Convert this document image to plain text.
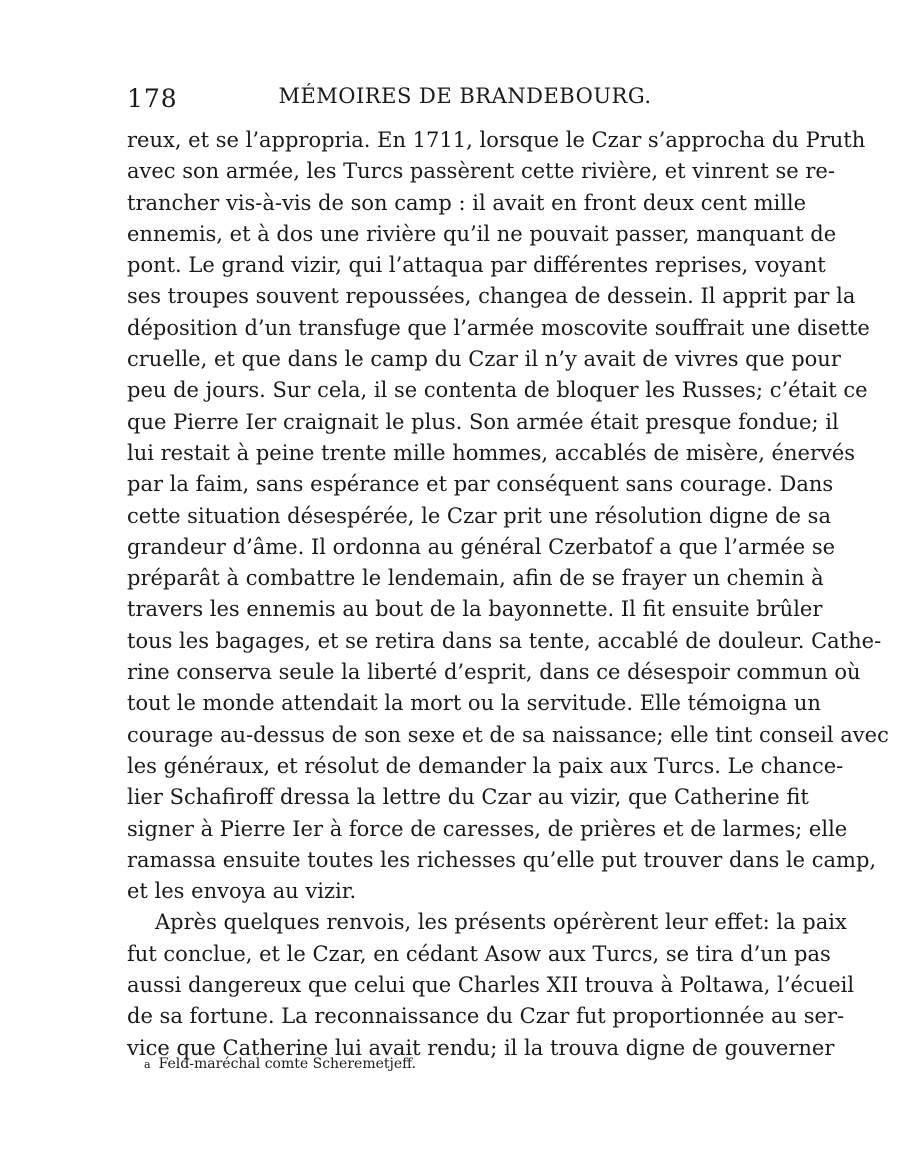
178	MÉMOIRES DE BRANDEBOURG.
reux, et se l’appropria. En 1711, lorsque le Czar s’approcha du Pruth
avec son armée, les Turcs passèrent cette rivière, et vinrent se re-
trancher vis-à-vis de son camp : il avait en front deux cent mille
ennemis, et à dos une rivière qu’il ne pouvait passer, manquant de
pont. Le grand vizir, qui l’attaqua par différentes reprises, voyant
ses troupes souvent repoussées, changea de dessein. Il apprit par la
déposition d’un transfuge que l’armée moscovite souffrait une disette
cruelle, et que dans le camp du Czar il n’y avait de vivres que pour
peu de jours. Sur cela, il se contenta de bloquer les Russes; c’était ce
que Pierre Ier craignait le plus. Son armée était presque fondue; il
lui restait à peine trente mille hommes, accablés de misère, énervés
par la faim, sans espérance et par conséquent sans courage. Dans
cette situation désespérée, le Czar prit une résolution digne de sa
grandeur d’âme. Il ordonna au général Czerbatof a que l’armée se
préparât à combattre le lendemain, afin de se frayer un chemin à
travers les ennemis au bout de la bayonnette. Il fit ensuite brûler
tous les bagages, et se retira dans sa tente, accablé de douleur. Cathe-
rine conserva seule la liberté d’esprit, dans ce désespoir commun où
tout le monde attendait la mort ou la servitude. Elle témoigna un
courage au-dessus de son sexe et de sa naissance; elle tint conseil avec
les généraux, et résolut de demander la paix aux Turcs. Le chance-
lier Schafiroff dressa la lettre du Czar au vizir, que Catherine fit
signer à Pierre Ier à force de caresses, de prières et de larmes; elle
ramassa ensuite toutes les richesses qu’elle put trouver dans le camp,
et les envoya au vizir.
Après quelques renvois, les présents opérèrent leur effet: la paix
fut conclue, et le Czar, en cédant Asow aux Turcs, se tira d’un pas
aussi dangereux que celui que Charles XII trouva à Poltawa, l’écueil
de sa fortune. La reconnaissance du Czar fut proportionnée au ser-
vice que Catherine lui avait rendu; il la trouva digne de gouverner
a Feld-maréchal comte Scheremetjeff.
